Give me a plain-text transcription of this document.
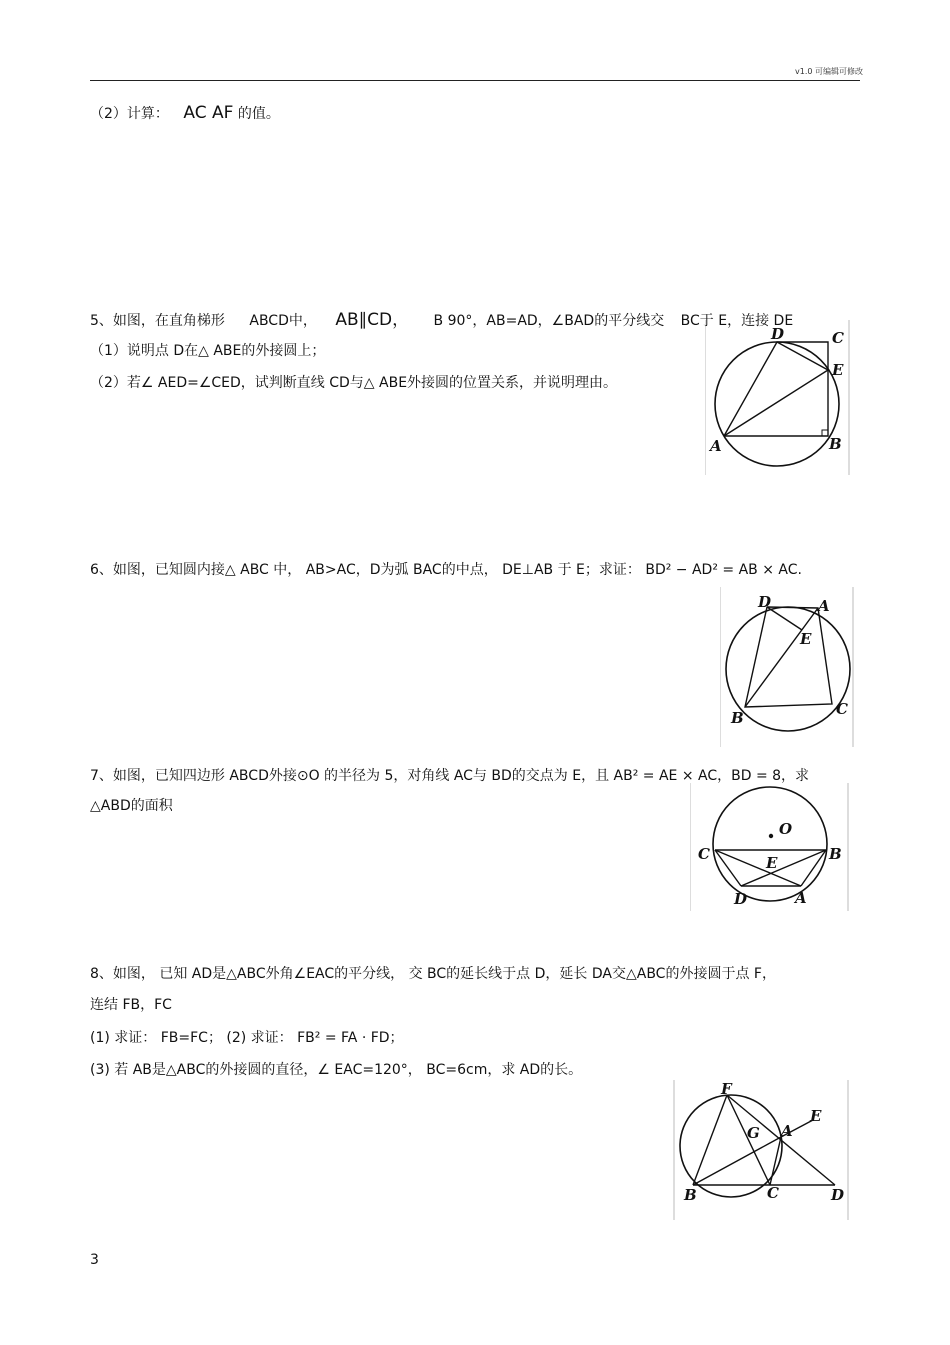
v1.0 可编辑可修改
（2）计算： AC AF 的值。
5、如图，在直角梯形 ABCD中， AB∥CD， B 90°，AB=AD，∠BAD的平分线交 BC于 E，连接 DE
（1）说明点 D在△ ABE的外接圆上；
（2）若∠ AED=∠CED，试判断直线 CD与△ ABE外接圆的位置关系，并说明理由。
D	C
E
A	B
6、如图，已知圆内接△ ABC 中， AB>AC，D为弧 BAC的中点， DE⊥AB 于 E；求证： BD² − AD² = AB × AC.
D	A
E
B	C
7、如图，已知四边形 ABCD外接⊙O 的半径为 5，对角线 AC与 BD的交点为 E，且 AB² = AE × AC，BD = 8，求
△ABD的面积
O
C	B
E
D	A
8、如图， 已知 AD是△ABC外角∠EAC的平分线， 交 BC的延长线于点 D，延长 DA交△ABC的外接圆于点 F，
连结 FB，FC
(1) 求证： FB=FC； (2) 求证： FB² = FA · FD；
(3) 若 AB是△ABC的外接圆的直径，∠ EAC=120°， BC=6cm，求 AD的长。
F
E
G A
B	C	D
3
